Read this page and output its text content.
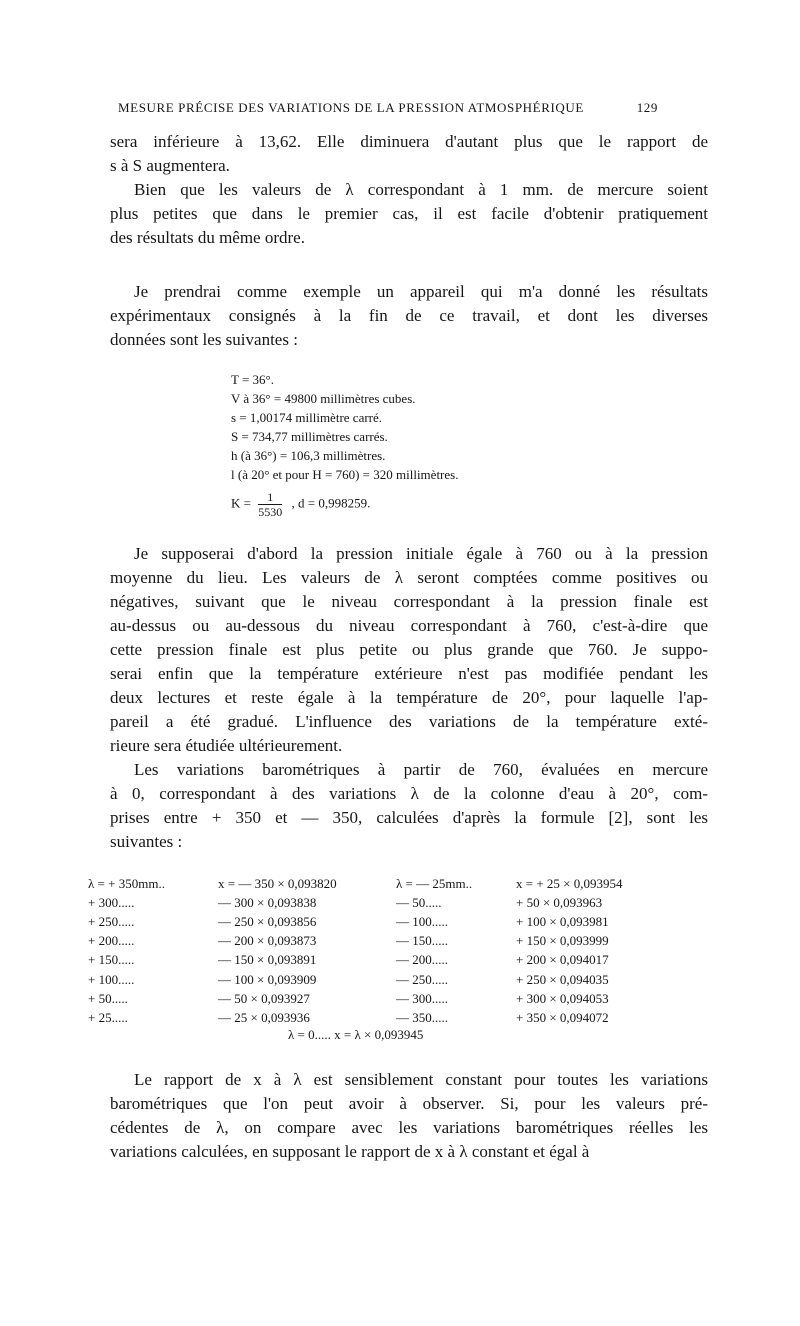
MESURE PRÉCISE DES VARIATIONS DE LA PRESSION ATMOSPHÉRIQUE	129
sera inférieure à 13,62. Elle diminuera d'autant plus que le rapport de
s à S augmentera.
Bien que les valeurs de λ correspondant à 1 mm. de mercure soient
plus petites que dans le premier cas, il est facile d'obtenir pratiquement
des résultats du même ordre.
Je prendrai comme exemple un appareil qui m'a donné les résultats
expérimentaux consignés à la fin de ce travail, et dont les diverses
données sont les suivantes :
T = 36°.
V à 36° = 49800 millimètres cubes.
s = 1,00174 millimètre carré.
S = 734,77 millimètres carrés.
h (à 36°) = 106,3 millimètres.
l (à 20° et pour H = 760) = 320 millimètres.
$K = \frac{1}{5530}$ , d = 0,998259.
Je supposerai d'abord la pression initiale égale à 760 ou à la pression
moyenne du lieu. Les valeurs de λ seront comptées comme positives ou
négatives, suivant que le niveau correspondant à la pression finale est
au-dessus ou au-dessous du niveau correspondant à 760, c'est-à-dire que
cette pression finale est plus petite ou plus grande que 760. Je suppo-
serai enfin que la température extérieure n'est pas modifiée pendant les
deux lectures et reste égale à la température de 20°, pour laquelle l'ap-
pareil a été gradué. L'influence des variations de la température exté-
rieure sera étudiée ultérieurement.
Les variations barométriques à partir de 760, évaluées en mercure
à 0, correspondant à des variations λ de la colonne d'eau à 20°, com-
prises entre + 350 et — 350, calculées d'après la formule [2], sont les
suivantes :
λ = + 350mm..	x = — 350 × 0,093820	λ = — 25mm..	x = + 25 × 0,093954
+ 300.....	— 300 × 0,093838	— 50.....	+ 50 × 0,093963
+ 250.....	— 250 × 0,093856	— 100.....	+ 100 × 0,093981
+ 200.....	— 200 × 0,093873	— 150.....	+ 150 × 0,093999
+ 150.....	— 150 × 0,093891	— 200.....	+ 200 × 0,094017
+ 100.....	— 100 × 0,093909	— 250.....	+ 250 × 0,094035
+ 50.....	— 50 × 0,093927	— 300.....	+ 300 × 0,094053
+ 25.....	— 25 × 0,093936	— 350.....	+ 350 × 0,094072
λ = 0..... x = λ × 0,093945
Le rapport de x à λ est sensiblement constant pour toutes les variations
barométriques que l'on peut avoir à observer. Si, pour les valeurs pré-
cédentes de λ, on compare avec les variations barométriques réelles les
variations calculées, en supposant le rapport de x à λ constant et égal à
